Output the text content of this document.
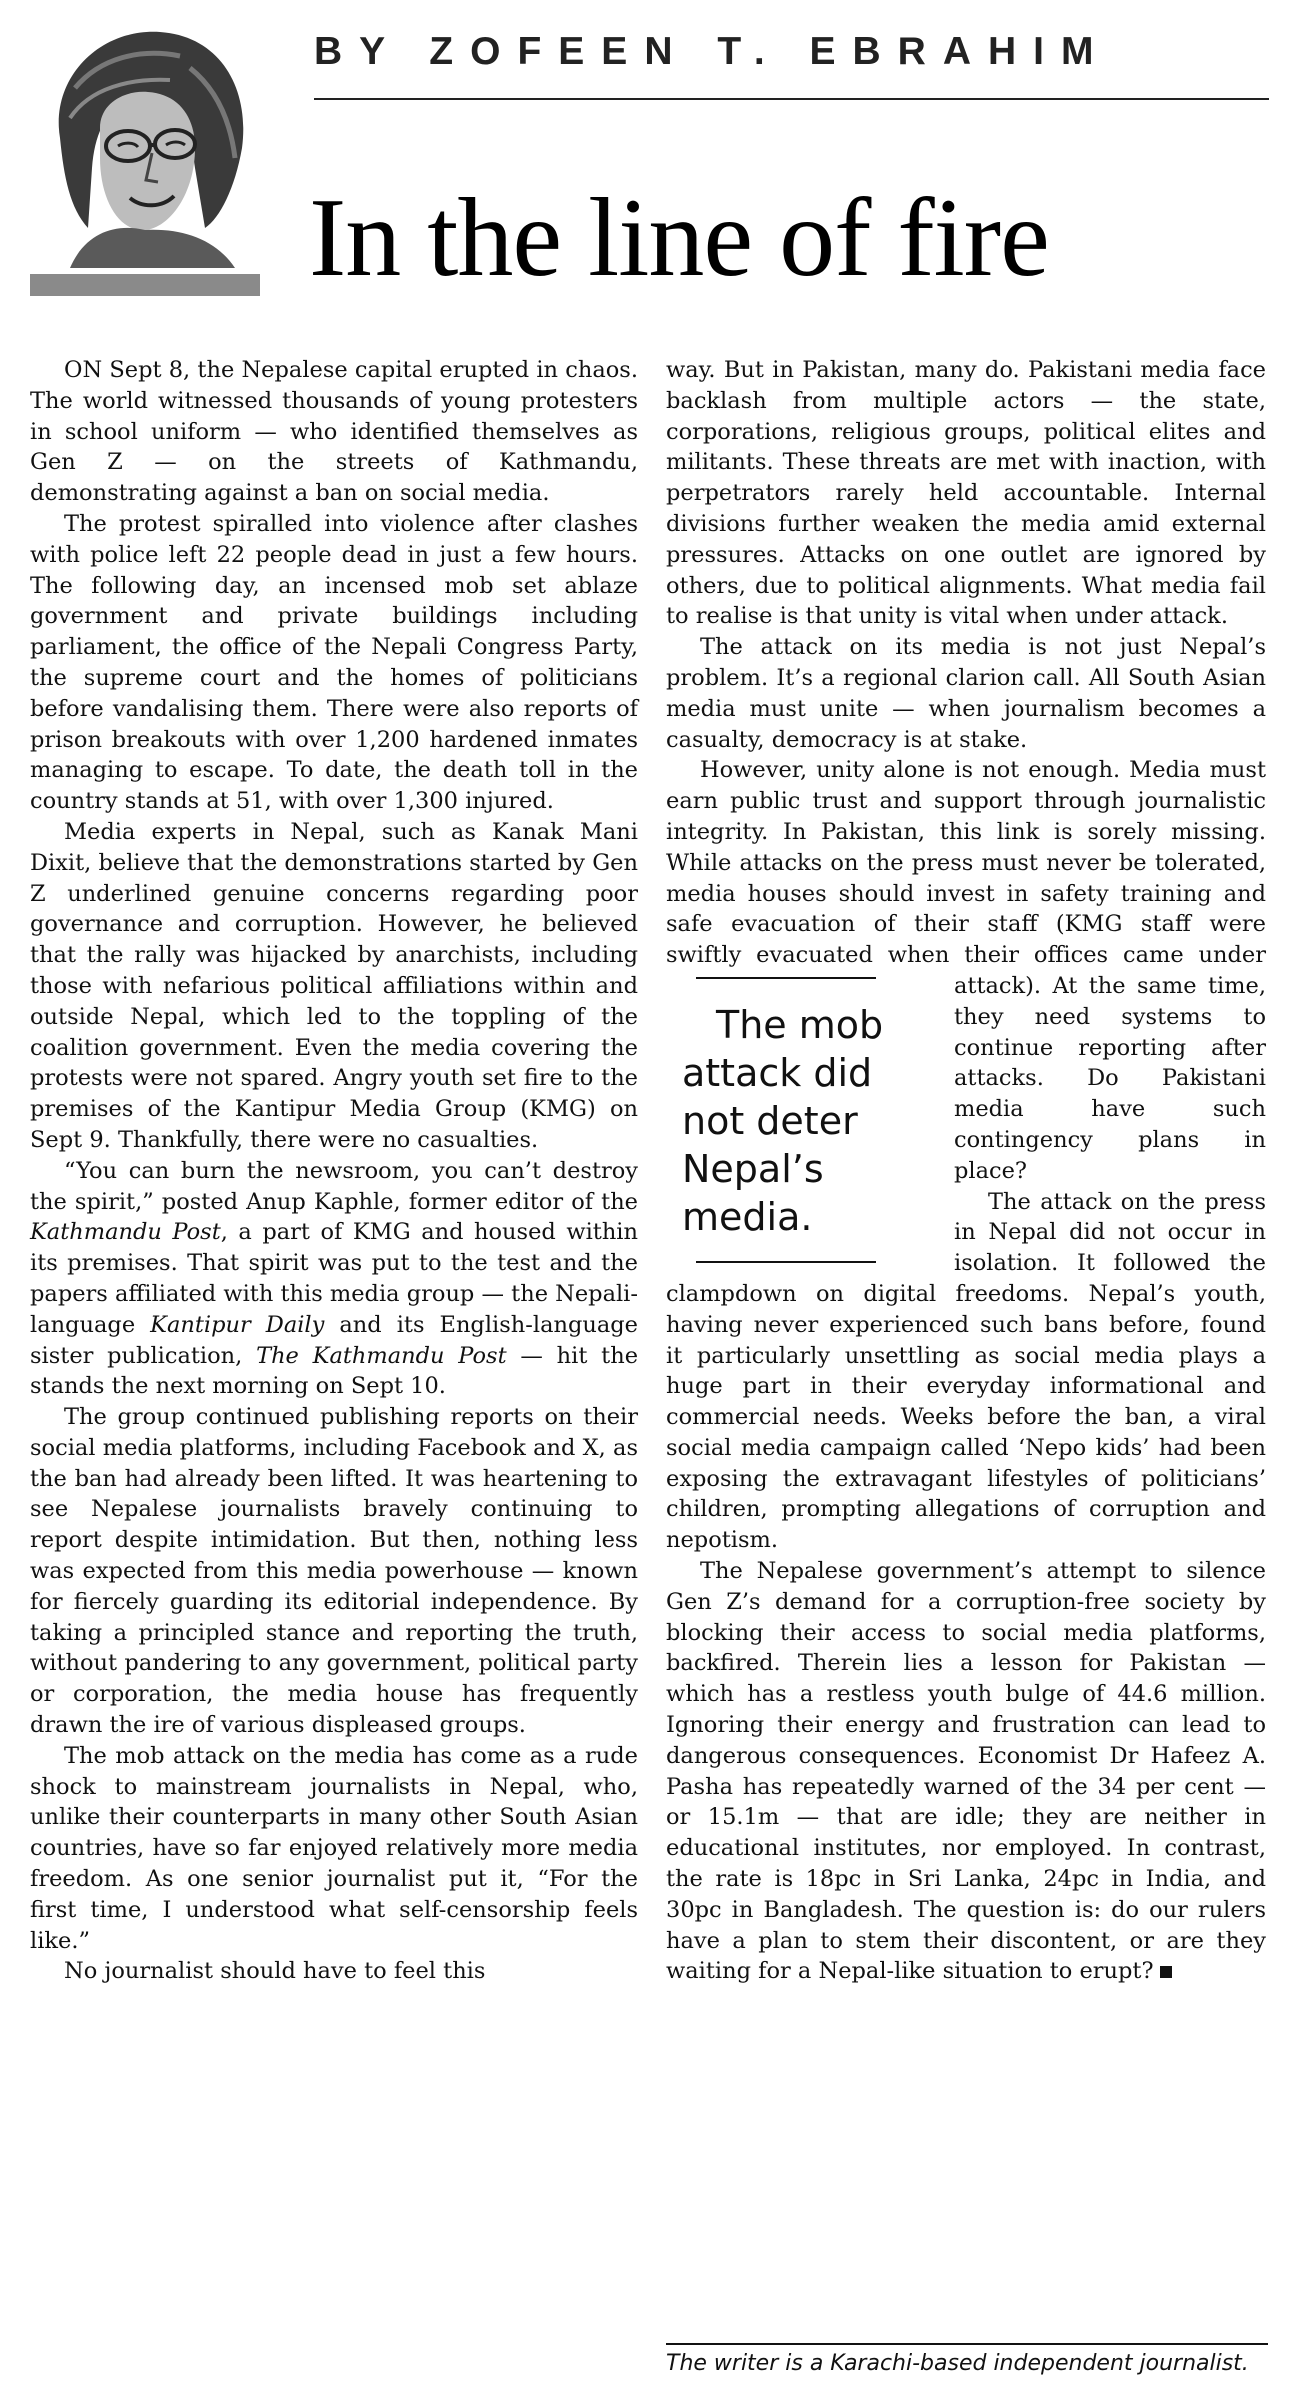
BY ZOFEEN T. EBRAHIM
In the line of fire

ON Sept 8, the Nepalese capital erupted in chaos. The world witnessed thousands of young protesters in school uniform — who identified themselves as Gen Z — on the streets of Kathmandu, demonstrating against a ban on social media.

The protest spiralled into violence after clashes with police left 22 people dead in just a few hours. The following day, an incensed mob set ablaze government and private buildings including parliament, the office of the Nepali Congress Party, the supreme court and the homes of politicians before vandalising them. There were also reports of prison breakouts with over 1,200 hardened inmates managing to escape. To date, the death toll in the country stands at 51, with over 1,300 injured.

Media experts in Nepal, such as Kanak Mani Dixit, believe that the demonstrations started by Gen Z underlined genuine concerns regarding poor governance and corruption. However, he believed that the rally was hijacked by anarchists, including those with nefarious political affiliations within and outside Nepal, which led to the toppling of the coalition government. Even the media covering the protests were not spared. Angry youth set fire to the premises of the Kantipur Media Group (KMG) on Sept 9. Thankfully, there were no casualties.

“You can burn the newsroom, you can’t destroy the spirit,” posted Anup Kaphle, former editor of the Kathmandu Post, a part of KMG and housed within its premises. That spirit was put to the test and the papers affiliated with this media group — the Nepali-language Kantipur Daily and its English-language sister publication, The Kathmandu Post — hit the stands the next morning on Sept 10.

The group continued publishing reports on their social media platforms, including Facebook and X, as the ban had already been lifted. It was heartening to see Nepalese journalists bravely continuing to report despite intimidation. But then, nothing less was expected from this media powerhouse — known for fiercely guarding its editorial independence. By taking a principled stance and reporting the truth, without pandering to any government, political party or corporation, the media house has frequently drawn the ire of various displeased groups.

The mob attack on the media has come as a rude shock to mainstream journalists in Nepal, who, unlike their counterparts in many other South Asian countries, have so far enjoyed relatively more media freedom. As one senior journalist put it, “For the first time, I understood what self-censorship feels like.”

No journalist should have to feel this

way. But in Pakistan, many do. Pakistani media face backlash from multiple actors — the state, corporations, religious groups, political elites and militants. These threats are met with inaction, with perpetrators rarely held accountable. Internal divisions further weaken the media amid external pressures. Attacks on one outlet are ignored by others, due to political alignments. What media fail to realise is that unity is vital when under attack.

The attack on its media is not just Nepal’s problem. It’s a regional clarion call. All South Asian media must unite — when journalism becomes a casualty, democracy is at stake.

However, unity alone is not enough. Media must earn public trust and support through journalistic integrity. In Pakistan, this link is sorely missing. While attacks on the press must never be tolerated, media houses should invest in safety training and safe evacuation of their staff (KMG staff were swiftly evacuated when their offices came under attack). At the same time,
The mob attack did not deter Nepal’s media.
they need systems to continue reporting after attacks. Do Pakistani media have such contingency plans in place?

The attack on the press in Nepal did not occur in isolation. It followed the clampdown on digital freedoms. Nepal’s youth, having never experienced such bans before, found it particularly unsettling as social media plays a huge part in their everyday informational and commercial needs. Weeks before the ban, a viral social media campaign called ‘Nepo kids’ had been exposing the extravagant lifestyles of politicians’ children, prompting allegations of corruption and nepotism.

The Nepalese government’s attempt to silence Gen Z’s demand for a corruption-free society by blocking their access to social media platforms, backfired. Therein lies a lesson for Pakistan — which has a restless youth bulge of 44.6 million. Ignoring their energy and frustration can lead to dangerous consequences. Economist Dr Hafeez A. Pasha has repeatedly warned of the 34 per cent — or 15.1m — that are idle; they are neither in educational institutes, nor employed. In contrast, the rate is 18pc in Sri Lanka, 24pc in India, and 30pc in Bangladesh. The question is: do our rulers have a plan to stem their discontent, or are they waiting for a Nepal-like situation to erupt?

The writer is a Karachi-based independent journalist.
